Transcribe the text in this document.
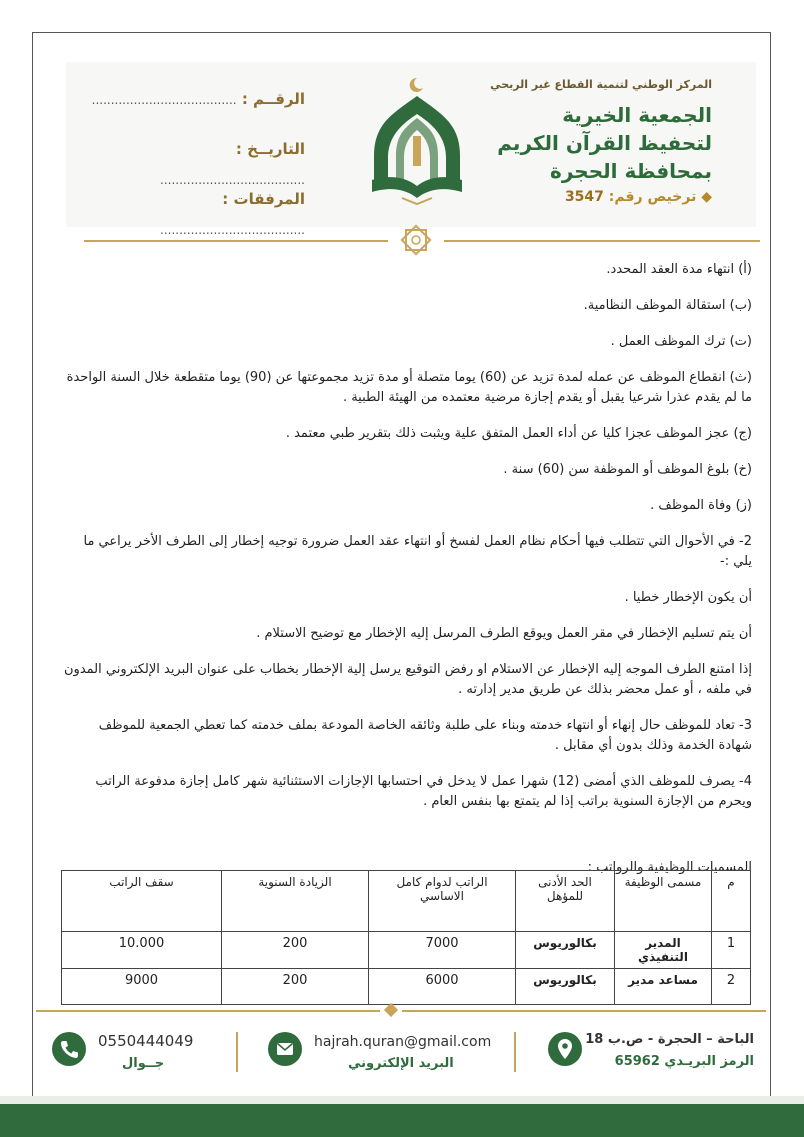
المركز الوطني لتنمية القطاع غير الربحي
الجمعية الخيرية
لتحفيظ القرآن الكريم
بمحافظة الحجرة
◆ ترخيص رقم: 3547
الرقــم : ......................................
التاريــخ : ......................................
المرفقات : ......................................

(أ) انتهاء مدة العقد المحدد.

(ب) استقالة الموظف النظامية.

(ت) ترك الموظف العمل .

(ث) انقطاع الموظف عن عمله لمدة تزيد عن (60) يوما متصلة أو مدة تزيد مجموعتها عن (90) يوما متقطعة خلال السنة الواحدة ما لم يقدم عذرا شرعيا يقبل أو يقدم إجازة مرضية معتمده من الهيئة الطبية .

(ج) عجز الموظف عجزا كليا عن أداء العمل المتفق علية ويثبت ذلك بتقرير طبي معتمد .

(خ) بلوغ الموظف أو الموظفة سن (60) سنة .

(ز) وفاة الموظف .

2- في الأحوال التي تتطلب فيها أحكام نظام العمل لفسخ أو انتهاء عقد العمل ضرورة توجيه إخطار إلى الطرف الأخر يراعي ما يلي :-

أن يكون الإخطار خطيا .

أن يتم تسليم الإخطار في مقر العمل ويوقع الطرف المرسل إليه الإخطار مع توضيح الاستلام .

إذا امتنع الطرف الموجه إليه الإخطار عن الاستلام او رفض التوقيع يرسل إلية الإخطار بخطاب على عنوان البريد الإلكتروني المدون في ملفه ، أو عمل محضر بذلك عن طريق مدير إدارته .

3- تعاد للموظف حال إنهاء أو انتهاء خدمته وبناء على طلبة وثائقه الخاصة المودعة بملف خدمته كما تعطي الجمعية للموظف شهادة الخدمة وذلك بدون أي مقابل .

4- يصرف للموظف الذي أمضى (12) شهرا عمل لا يدخل في احتسابها الإجازات الاستثنائية شهر كامل إجازة مدفوعة الراتب ويحرم من الإجازة السنوية براتب إذا لم يتمتع بها بنفس العام .

المسميات الوظيفية والرواتب :

م	مسمى الوظيفة	الحد الأدنى للمؤهل	الراتب لدوام كامل الاساسي	الزيادة السنوية	سقف الراتب
1	المدير التنفيذي	بكالوريوس	7000	200	10.000
2	مساعد مدير	بكالوريوس	6000	200	9000
الباحة – الحجرة - ص.ب 18
الرمز البريـدي 65962
hajrah.quran@gmail.com
البريد الإلكتروني
0550444049
جــوال
